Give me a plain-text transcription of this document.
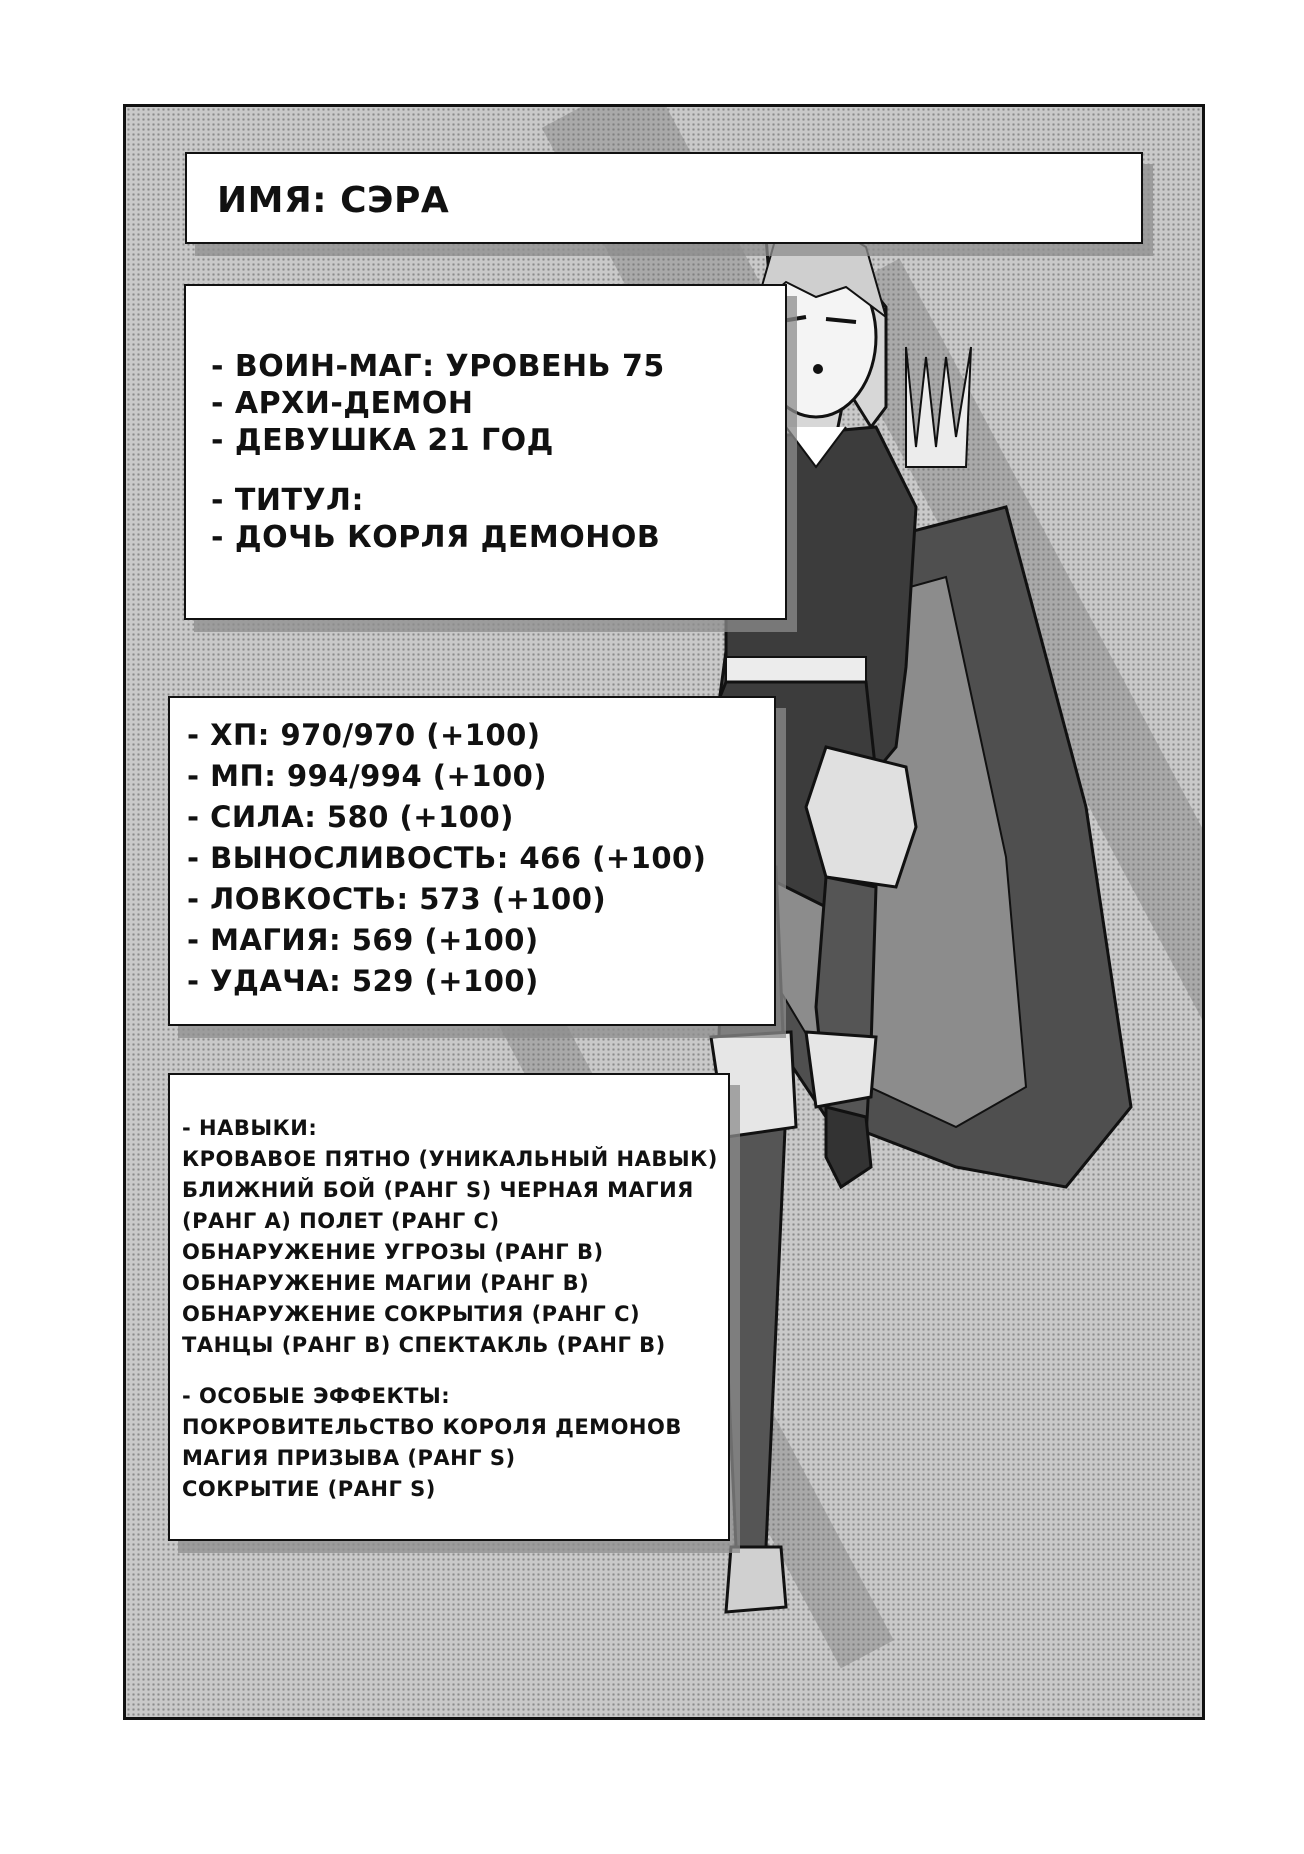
ИМЯ: СЭРА
- ВОИН-МАГ: УРОВЕНЬ 75
- АРХИ-ДЕМОН
- ДЕВУШКА 21 ГОД
- ТИТУЛ:
- ДОЧЬ КОРЛЯ ДЕМОНОВ
- ХП: 970/970 (+100)
- МП: 994/994 (+100)
- СИЛА: 580 (+100)
- ВЫНОСЛИВОСТЬ: 466 (+100)
- ЛОВКОСТЬ: 573 (+100)
- МАГИЯ: 569 (+100)
- УДАЧА: 529 (+100)
- НАВЫКИ:
КРОВАВОЕ ПЯТНО (УНИКАЛЬНЫЙ НАВЫК)
БЛИЖНИЙ БОЙ (РАНГ S) ЧЕРНАЯ МАГИЯ
(РАНГ А) ПОЛЕТ (РАНГ С)
ОБНАРУЖЕНИЕ УГРОЗЫ (РАНГ В)
ОБНАРУЖЕНИЕ МАГИИ (РАНГ В)
ОБНАРУЖЕНИЕ СОКРЫТИЯ (РАНГ С)
ТАНЦЫ (РАНГ В) СПЕКТАКЛЬ (РАНГ В)
- ОСОБЫЕ ЭФФЕКТЫ:
ПОКРОВИТЕЛЬСТВО КОРОЛЯ ДЕМОНОВ
МАГИЯ ПРИЗЫВА (РАНГ S)
СОКРЫТИЕ (РАНГ S)
